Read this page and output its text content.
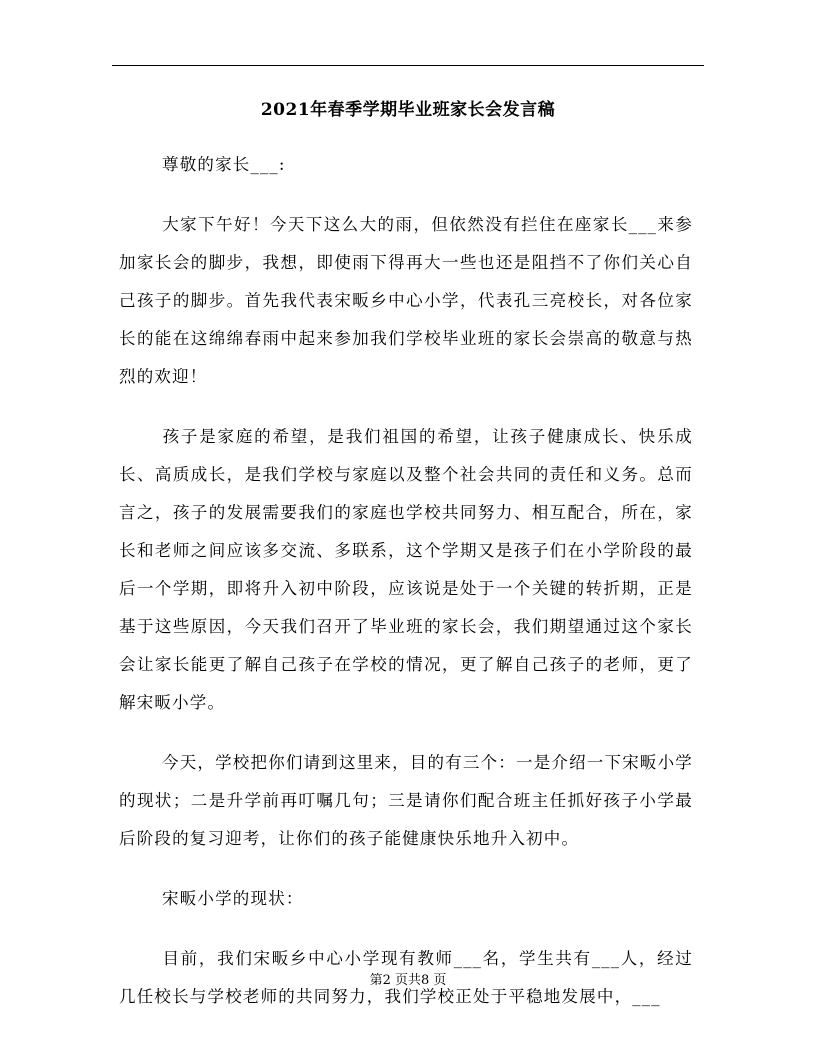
2021年春季学期毕业班家长会发言稿

尊敬的家长___:

大家下午好！今天下这么大的雨，但依然没有拦住在座家长___来参加家长会的脚步，我想，即使雨下得再大一些也还是阻挡不了你们关心自己孩子的脚步。首先我代表宋畈乡中心小学，代表孔三亮校长，对各位家长的能在这绵绵春雨中起来参加我们学校毕业班的家长会崇高的敬意与热烈的欢迎！

孩子是家庭的希望，是我们祖国的希望，让孩子健康成长、快乐成长、高质成长，是我们学校与家庭以及整个社会共同的责任和义务。总而言之，孩子的发展需要我们的家庭也学校共同努力、相互配合，所在，家长和老师之间应该多交流、多联系，这个学期又是孩子们在小学阶段的最后一个学期，即将升入初中阶段，应该说是处于一个关键的转折期，正是基于这些原因，今天我们召开了毕业班的家长会，我们期望通过这个家长会让家长能更了解自己孩子在学校的情况，更了解自己孩子的老师，更了解宋畈小学。

今天，学校把你们请到这里来，目的有三个：一是介绍一下宋畈小学的现状；二是升学前再叮嘱几句；三是请你们配合班主任抓好孩子小学最后阶段的复习迎考，让你们的孩子能健康快乐地升入初中。

宋畈小学的现状：

目前，我们宋畈乡中心小学现有教师___名，学生共有___人，经过几任校长与学校老师的共同努力，我们学校正处于平稳地发展中，___

第2 页共8 页
